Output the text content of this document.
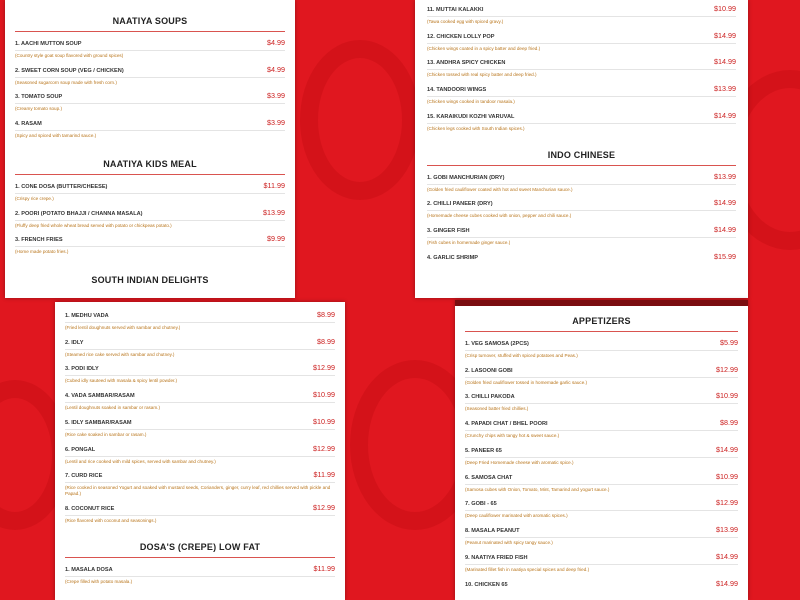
NAATIYA SOUPS
1. AACHI MUTTON SOUP	$4.99
(Country style goat soup flavored with ground spices)
2. SWEET CORN SOUP (VEG / CHICKEN)	$4.99
(Seasoned sugarcorn soup made with fresh corn.)
3. TOMATO SOUP	$3.99
(Creamy tomato soup.)
4. RASAM	$3.99
(Spicy and spiced with tamarind sauce.)
NAATIYA KIDS MEAL
1. CONE DOSA (BUTTER/CHEESE)	$11.99
(Crispy rice crepe.)
2. POORI (POTATO BHAJJI / CHANNA MASALA)	$13.99
(Fluffy deep fried whole wheat bread served with potato or chickpeas potato.)
3. FRENCH FRIES	$9.99
(Home made potato fries.)
SOUTH INDIAN DELIGHTS
11. MUTTAI KALAKKI	$10.99
(Tawa cooked egg with spiced gravy.)
12. CHICKEN LOLLY POP	$14.99
(Chicken wings coated in a spicy batter and deep fried.)
13. ANDHRA SPICY CHICKEN	$14.99
(Chicken tossed with real spicy batter and deep fried.)
14. TANDOORI WINGS	$13.99
(Chicken wings cooked in tandoor masala.)
15. KARAIKUDI KOZHI VARUVAL	$14.99
(Chicken legs cooked with South Indian spices.)
INDO CHINESE
1. GOBI MANCHURIAN (DRY)	$13.99
(Golden fried cauliflower coated with hot and sweet Manchurian sauce.)
2. CHILLI PANEER (DRY)	$14.99
(Homemade cheese cubes cooked with onion, pepper and chili sauce.)
3. GINGER FISH	$14.99
(Fish cubes in homemade ginger sauce.)
4. GARLIC SHRIMP	$15.99
1. MEDHU VADA	$8.99
(Fried lentil doughnuts served with sambar and chutney.)
2. IDLY	$8.99
(Steamed rice cake served with sambar and chutney.)
3. PODI IDLY	$12.99
(Cubed idly sauteed with masala & spicy lentil powder.)
4. VADA SAMBAR/RASAM	$10.99
(Lentil doughnuts soaked in sambar or rasam.)
5. IDLY SAMBAR/RASAM	$10.99
(Rice cake soaked in sambar or rasam.)
6. PONGAL	$12.99
(Lentil and rice cooked with mild spices, served with sambar and chutney.)
7. CURD RICE	$11.99
(Rice cooked in seasoned Yogurt and soaked with mustard seeds, Corianders, ginger, curry leaf, red chillies served with pickle and Papad.)
8. COCONUT RICE	$12.99
(Rice flavored with coconut and seasonings.)
DOSA'S (CREPE) LOW FAT
1. MASALA DOSA	$11.99
(Crepe filled with potato masala.)
APPETIZERS
1. VEG SAMOSA (2PCS)	$5.99
(Crisp turnover, stuffed with spiced potatoes and Peas.)
2. LASOONI GOBI	$12.99
(Golden fried cauliflower tossed in homemade garlic sauce.)
3. CHILLI PAKODA	$10.99
(Seasoned batter fried chillies.)
4. PAPADI CHAT / BHEL POORI	$8.99
(Crunchy chips with tangy hot & sweet sauce.)
5. PANEER 65	$14.99
(Deep Fried Homemade cheese with aromatic spice.)
6. SAMOSA CHAT	$10.99
(Samosa cubes with Onion, Tomato, Mint, Tamarind and yogurt sauce.)
7. GOBI - 65	$12.99
(Deep cauliflower marinated with aromatic spices.)
8. MASALA PEANUT	$13.99
(Peanut marinated with spicy tangy sauce.)
9. NAATIYA FRIED FISH	$14.99
(Marinated fillet fish in naatiya special spices and deep fried.)
10. CHICKEN 65	$14.99
